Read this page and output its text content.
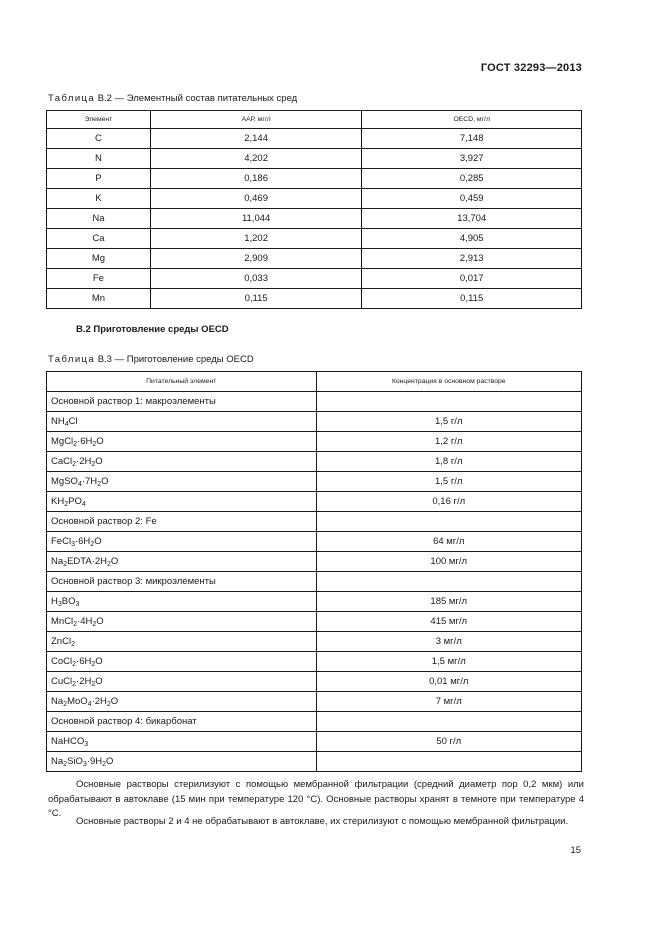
ГОСТ 32293—2013
Таблица В.2 — Элементный состав питательных сред
Элемент	ААР, мг/л	OECD, мг/л
C	2,144	7,148
N	4,202	3,927
P	0,186	0,285
K	0,469	0,459
Na	11,044	13,704
Ca	1,202	4,905
Mg	2,909	2,913
Fe	0,033	0,017
Mn	0,115	0,115
В.2 Приготовление среды OECD
Таблица В.3 — Приготовление среды OECD
Питательный элемент	Концентрация в основном растворе
Основной раствор 1: макроэлементы	
$NH_4Cl$	1,5 г/л
$MgCl_2\cdot 6H_2O$	1,2 г/л
$CaCl_2\cdot 2H_2O$	1,8 г/л
$MgSO_4\cdot 7H_2O$	1,5 г/л
$KH_2PO_4$	0,16 г/л
Основной раствор 2: Fe	
$FeCl_3\cdot 6H_2O$	64 мг/л
$Na_2EDTA\cdot 2H_2O$	100 мг/л
Основной раствор 3: микроэлементы	
$H_3BO_3$	185 мг/л
$MnCl_2\cdot 4H_2O$	415 мг/л
ZnCl$_2$	3 мг/л
$CoCl_2\cdot 6H_2O$	1,5 мг/л
$CuCl_2\cdot 2H_2O$	0,01 мг/л
$Na_2MoO_4\cdot 2H_2O$	7 мг/л
Основной раствор 4: бикарбонат	
NaHCO$_3$	50 г/л
$Na_2SiO_3\cdot 9H_2O$	

Основные растворы стерилизуют с помощью мембранной фильтрации (средний диаметр пор 0,2 мкм) или обрабатывают в автоклаве (15 мин при температуре 120 °С). Основные растворы хранят в темноте при температуре 4 °С.

Основные растворы 2 и 4 не обрабатывают в автоклаве, их стерилизуют с помощью мембранной фильтрации.

15
